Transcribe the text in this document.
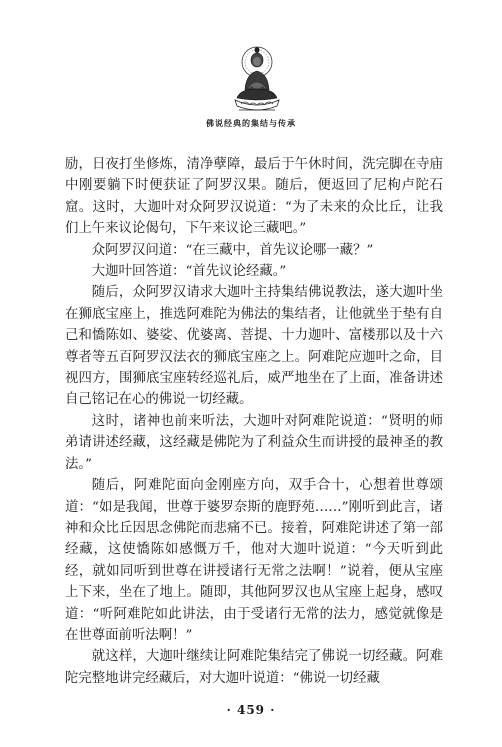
佛说经典的集结与传承

励，日夜打坐修炼，清净孽障，最后于午休时间，洗完脚在寺庙中刚要躺下时便获证了阿罗汉果。随后，便返回了尼枸卢陀石窟。这时，大迦叶对众阿罗汉说道：“为了未来的众比丘，让我们上午来议论偈句，下午来议论三藏吧。”

众阿罗汉问道：“在三藏中，首先议论哪一藏？”

大迦叶回答道：“首先议论经藏。”

随后，众阿罗汉请求大迦叶主持集结佛说教法，遂大迦叶坐在狮底宝座上，推选阿难陀为佛法的集结者，让他就坐于垫有自己和憍陈如、婆娑、优婆离、菩提、十力迦叶、富楼那以及十六尊者等五百阿罗汉法衣的狮底宝座之上。阿难陀应迦叶之命，目视四方，围狮底宝座转经巡礼后，威严地坐在了上面，准备讲述自己铭记在心的佛说一切经藏。

这时，诸神也前来听法，大迦叶对阿难陀说道：“贤明的师弟请讲述经藏，这经藏是佛陀为了利益众生而讲授的最神圣的教法。”

随后，阿难陀面向金刚座方向，双手合十，心想着世尊颂道：“如是我闻，世尊于婆罗奈斯的鹿野苑……”刚听到此言，诸神和众比丘因思念佛陀而悲痛不已。接着，阿难陀讲述了第一部经藏，这使憍陈如感慨万千，他对大迦叶说道：“今天听到此经，就如同听到世尊在讲授诸行无常之法啊！”说着，便从宝座上下来，坐在了地上。随即，其他阿罗汉也从宝座上起身，感叹道：“听阿难陀如此讲法，由于受诸行无常的法力，感觉就像是在世尊面前听法啊！”

就这样，大迦叶继续让阿难陀集结完了佛说一切经藏。阿难陀完整地讲完经藏后，对大迦叶说道：“佛说一切经藏

· 459 ·
